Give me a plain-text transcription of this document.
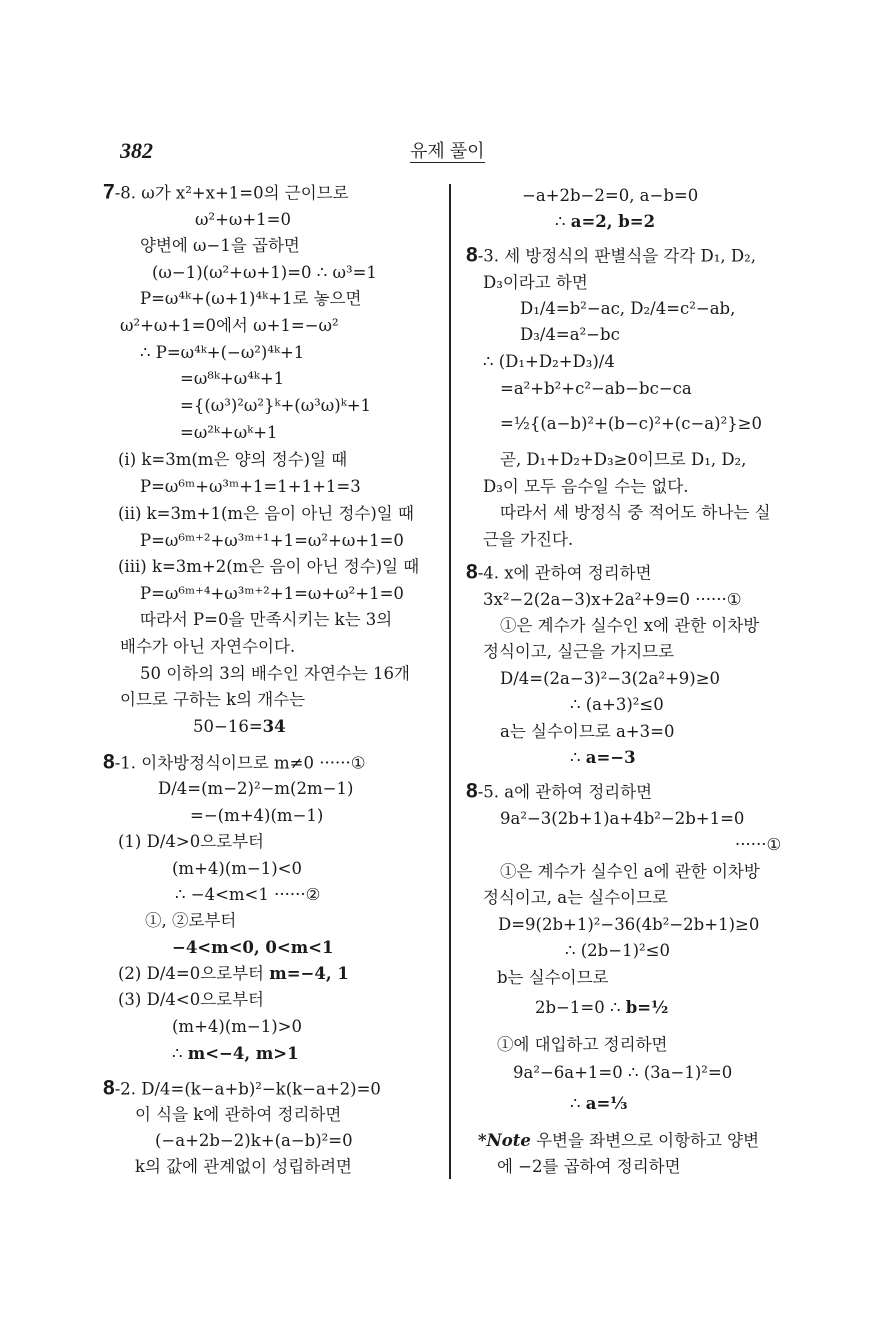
382	유제 풀이
7-8. ω가 x²+x+1=0의 근이므로
ω²+ω+1=0
양변에 ω−1을 곱하면
(ω−1)(ω²+ω+1)=0 ∴ ω³=1
P=ω⁴ᵏ+(ω+1)⁴ᵏ+1로 놓으면
ω²+ω+1=0에서 ω+1=−ω²
∴ P=ω⁴ᵏ+(−ω²)⁴ᵏ+1
=ω⁸ᵏ+ω⁴ᵏ+1
={(ω³)²ω²}ᵏ+(ω³ω)ᵏ+1
=ω²ᵏ+ωᵏ+1
(i) k=3m(m은 양의 정수)일 때
P=ω⁶ᵐ+ω³ᵐ+1=1+1+1=3
(ii) k=3m+1(m은 음이 아닌 정수)일 때
P=ω⁶ᵐ⁺²+ω³ᵐ⁺¹+1=ω²+ω+1=0
(iii) k=3m+2(m은 음이 아닌 정수)일 때
P=ω⁶ᵐ⁺⁴+ω³ᵐ⁺²+1=ω+ω²+1=0
따라서 P=0을 만족시키는 k는 3의
배수가 아닌 자연수이다.
50 이하의 3의 배수인 자연수는 16개
이므로 구하는 k의 개수는
50−16=34
8-1. 이차방정식이므로 m≠0 ······①
D/4=(m−2)²−m(2m−1)
=−(m+4)(m−1)
(1) D/4>0으로부터
(m+4)(m−1)<0
∴ −4<m<1 ······②
①, ②로부터
−4<m<0, 0<m<1
(2) D/4=0으로부터 m=−4, 1
(3) D/4<0으로부터
(m+4)(m−1)>0
∴ m<−4, m>1
8-2. D/4=(k−a+b)²−k(k−a+2)=0
이 식을 k에 관하여 정리하면
(−a+2b−2)k+(a−b)²=0
k의 값에 관계없이 성립하려면
−a+2b−2=0, a−b=0
∴ a=2, b=2
8-3. 세 방정식의 판별식을 각각 D₁, D₂,
D₃이라고 하면
D₁/4=b²−ac, D₂/4=c²−ab,
D₃/4=a²−bc
∴ (D₁+D₂+D₃)/4
=a²+b²+c²−ab−bc−ca
=½{(a−b)²+(b−c)²+(c−a)²}≥0
곧, D₁+D₂+D₃≥0이므로 D₁, D₂,
D₃이 모두 음수일 수는 없다.
따라서 세 방정식 중 적어도 하나는 실
근을 가진다.
8-4. x에 관하여 정리하면
3x²−2(2a−3)x+2a²+9=0 ······①
①은 계수가 실수인 x에 관한 이차방
정식이고, 실근을 가지므로
D/4=(2a−3)²−3(2a²+9)≥0
∴ (a+3)²≤0
a는 실수이므로 a+3=0
∴ a=−3
8-5. a에 관하여 정리하면
9a²−3(2b+1)a+4b²−2b+1=0
······①
①은 계수가 실수인 a에 관한 이차방
정식이고, a는 실수이므로
D=9(2b+1)²−36(4b²−2b+1)≥0
∴ (2b−1)²≤0
b는 실수이므로
2b−1=0 ∴ b=½
①에 대입하고 정리하면
9a²−6a+1=0 ∴ (3a−1)²=0
∴ a=⅓
*Note 우변을 좌변으로 이항하고 양변
에 −2를 곱하여 정리하면
